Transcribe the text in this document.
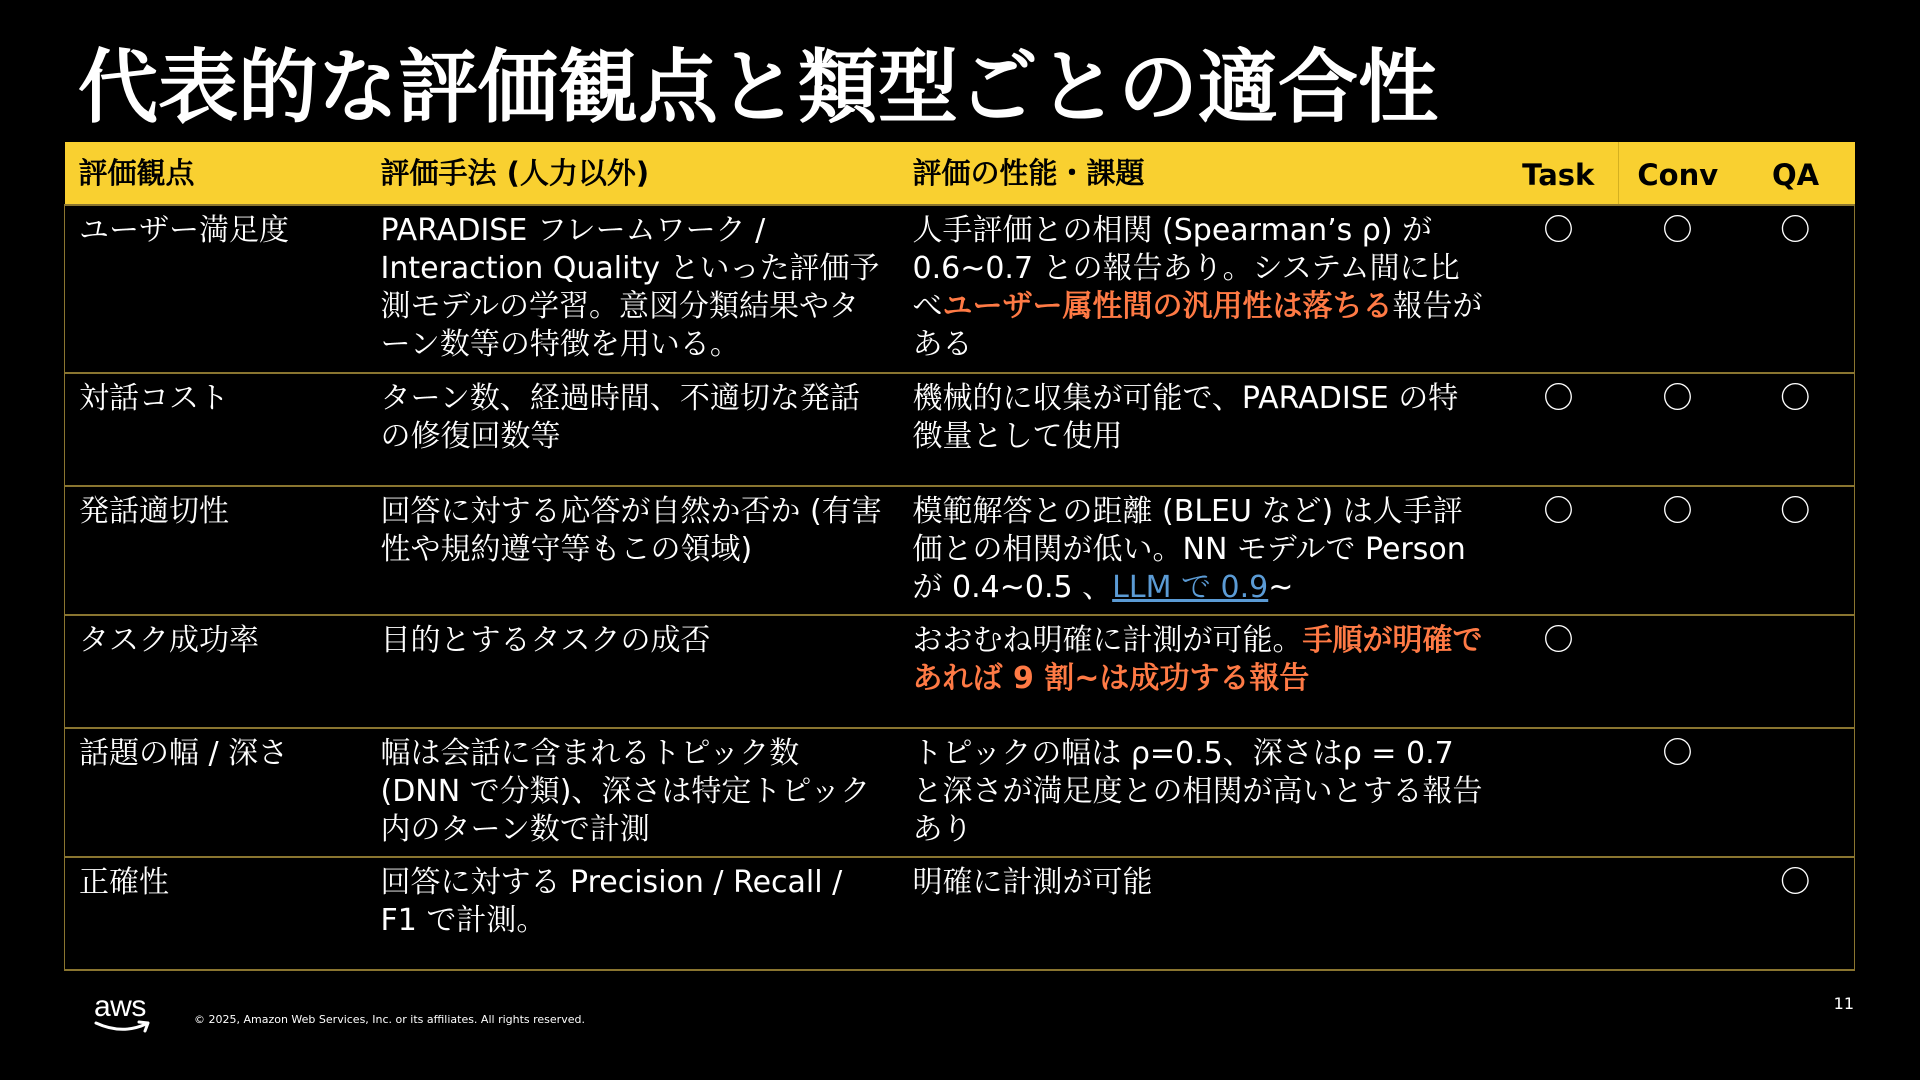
代表的な評価観点と類型ごとの適合性
評価観点	評価手法 (人力以外)	評価の性能・課題	Task	Conv	QA
ユーザー満足度	PARADISE フレームワーク / Interaction Quality といった評価予測モデルの学習。意図分類結果やターン数等の特徴を用いる。	人手評価との相関 (Spearman’s ρ) が 0.6~0.7 との報告あり。システム間に比べユーザー属性間の汎用性は落ちる報告がある	〇	〇	〇
対話コスト	ターン数、経過時間、不適切な発話の修復回数等	機械的に収集が可能で、PARADISE の特徴量として使用	〇	〇	〇
発話適切性	回答に対する応答が自然か否か (有害性や規約遵守等もこの領域)	模範解答との距離 (BLEU など) は人手評価との相関が低い。NN モデルで Person が 0.4~0.5 、LLM で 0.9~	〇	〇	〇
タスク成功率	目的とするタスクの成否	おおむね明確に計測が可能。手順が明確であれば 9 割~は成功する報告	〇		
話題の幅 / 深さ	幅は会話に含まれるトピック数 (DNN で分類)、深さは特定トピック内のターン数で計測	トピックの幅は ρ=0.5、深さはρ = 0.7 と深さが満足度との相関が高いとする報告あり		〇	
正確性	回答に対する Precision / Recall / F1 で計測。	明確に計測が可能			〇
aws	© 2025, Amazon Web Services, Inc. or its affiliates. All rights reserved.
11
